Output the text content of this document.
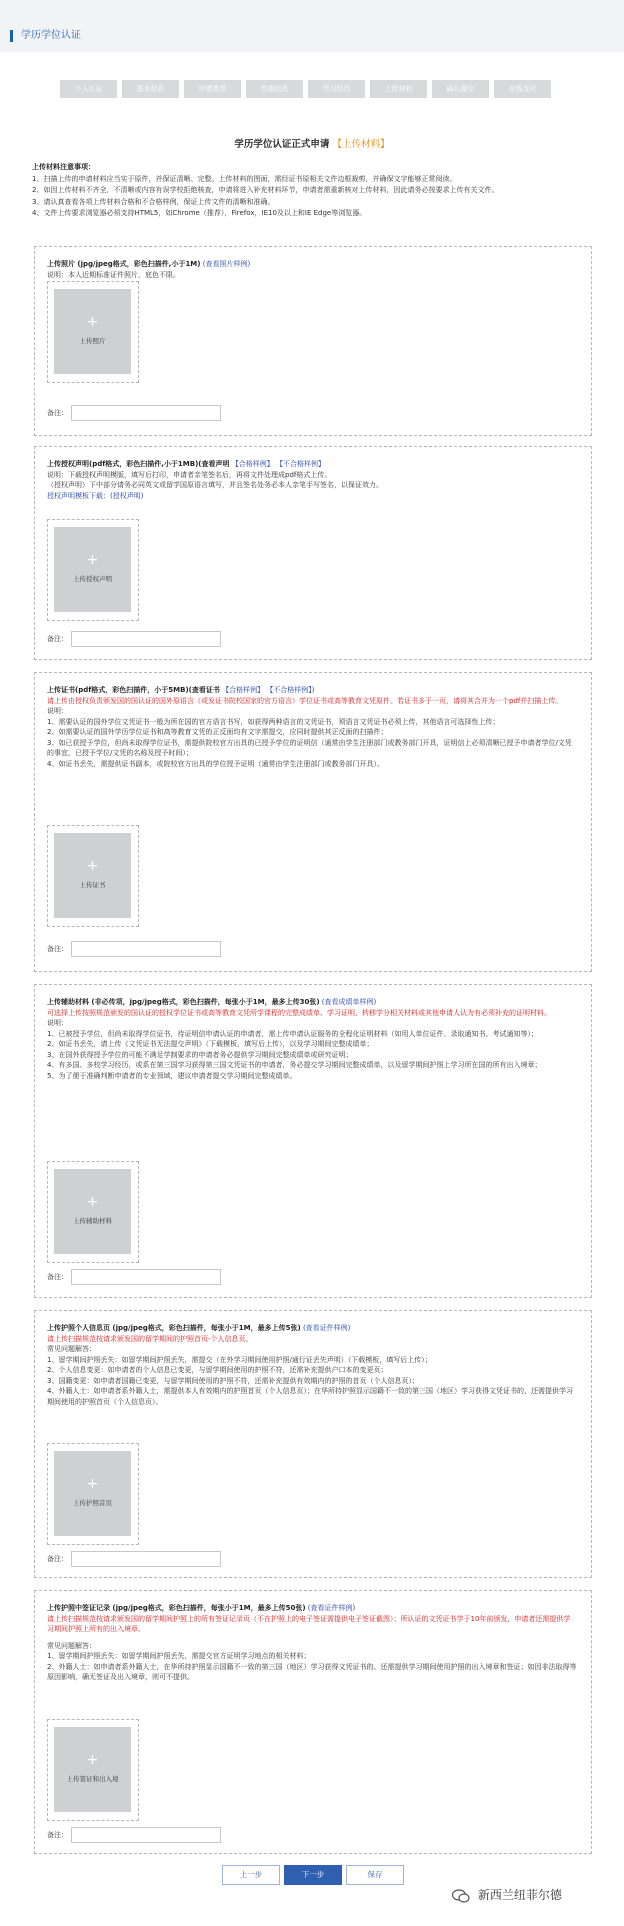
学历学位认证
个人认证	基本信息	申请类型	申请信息	学习经历	上传材料	确认提交	在线支付
学历学位认证正式申请 【上传材料】
上传材料注意事项：
1、扫描上传的申请材料应当实于原件，并保证清晰、完整。上传材料的图面，需经证书原相关文件边框裁剪，并确保文字能够正常阅读。
2、如因上传材料不齐全，不清晰或内容有误学校拒绝核查，申请将进入补充材料环节，申请者需重新核对上传材料，因此请务必按要求上传有关文件。
3、请认真查看各项上传材料合格和不合格样例，保证上传文件的清晰和准确。
4、文件上传要求浏览器必须支持HTML5，如Chrome（推荐），Firefox，IE10及以上和IE Edge等浏览器。
上传照片 (jpg/jpeg格式，彩色扫描件,小于1M) (查看照片样例)
说明：本人近期标准证件照片，底色不限。
+
上传照片
备注：
上传授权声明(pdf格式，彩色扫描件,小于1MB)(查看声明 【合格样例】 【不合格样例】
说明：下载授权声明模版，填写后打印，申请者亲笔签名后，再将文件处理成pdf格式上传。
（授权声明）下中部分请务必同英文或留学国原语言填写，并且签名处务必本人亲笔手写签名，以保证效力。
授权声明模板下载：(授权声明)
+
上传授权声明
备注：
上传证书(pdf格式，彩色扫描件，小于5MB)(查看证书 【合格样例】 【不合格样例】)
请上传由授权负责颁发国的国认证的国外原语言（或发证书院校国家的官方语言）学位证书或高等教育文凭原件。若证书多于一页，请将其合并为一个pdf并扫描上传。
说明：
1、需要认证的国外学位文凭证书一般为所在国的官方语言书写，如获得两种语言的文凭证书，须语言文凭证书必须上传，其他语言可选择性上传；
2、如需要认证的国外学历学位证书和高等教育文凭的正反面均有文字需提交，应同时提供其正反面的扫描件；
3、如已获授予学位，但尚未取得学位证书，需提供院校官方出具的已授予学位的证明信（通常由学生注册部门或教务部门开具，证明信上必须清晰已授予申请者学位/文凭的事宜，已授予学位/文凭的名称及授予时间）；
4、如证书丢失，需提供证书副本，或院校官方出具的学位授予证明（通常由学生注册部门或教务部门开具）。
+
上传证书
备注：
上传辅助材料 (非必传项，jpg/jpeg格式，彩色扫描件，每张小于1M，最多上传30张) (查看成绩单样例)
可选择上传按照规范颁发的国认证的授权学位证书或高等教育文凭所学课程的完整成绩单、学习证明、转移学分相关材料或其他申请人认为有必须补充的证明材料。
说明：
1、已被授予学位，但尚未取得学位证书，待证明信申请认证的申请者，需上传申请认证服务的全程化证明材料（如用人单位证件、录取通知书、考试通知等）；
2、如证书丢失，请上传《文凭证书无法提交声明》（下载模板，填写后上传），以及学习期间完整成绩单；
3、在国外获得授予学位的可能不满足学制要求的申请者务必提供学习期间完整成绩单或研究证明；
4、有多国、多校学习经历，或系在第三国学习获得第三国文凭证书的申请者，务必提交学习期间完整成绩单，以及留学期间护照上学习所在国的所有出入境章；
5、为了便于准确判断申请者的专业领域，建议申请者提交学习期间完整成绩单。
+
上传辅助材料
备注：
上传护照个人信息页 (jpg/jpeg格式，彩色扫描件，每张小于1M，最多上传5张) (查看证件样例)
请上传扫描规范按请求颁发国的留学期间的护照首页-个人信息页。
常见问题解答：
1、留学期间护照丢失：如留学期间护照丢失，需提交（在外学习期间使用护照/通行证丢失声明）（下载模板，填写后上传）；
2、个人信息变更：如申请者的个人信息已变更，与留学期间使用的护照不符，还需补充提供户口本的变更页；
3、国籍变更：如申请者国籍已变更，与留学期间使用的护照不符，还需补充提供有效期内的护照的首页（个人信息页）；
4、外籍人士：如申请者系外籍人士，需提供本人有效期内的护照首页（个人信息页）；在华所持护照显示国籍不一致的第三国（地区）学习获得文凭证书的，还需提供学习期间使用的护照首页（个人信息页）。
+
上传护照首页
备注：
上传护照中签证记录 (jpg/jpeg格式，彩色扫描件，每张小于1M，最多上传50张) (查看证件样例)
请上传扫描规范按请求颁发国的留学期间护照上的所有签证记录页（不在护照上的电子签证需提供电子签证截图）；所认证的文凭证书学于10年前颁发，申请者还需提供学习期间护照上所有的出入境章。
常见问题解答：
1、留学期间护照丢失：如留学期间护照丢失，需提交官方证明学习地点的相关材料；
2、外籍人士：如申请者系外籍人士，在华所持护照显示国籍不一致的第三国（地区）学习获得文凭证书的、还需提供学习期间使用护照的出入境章和签证；如因非法取得等原因影响，确无签证及出入境章，则可不提供。
+
上传签证和出入境
备注：
上一步	下一步	保存
新西兰纽菲尔德
